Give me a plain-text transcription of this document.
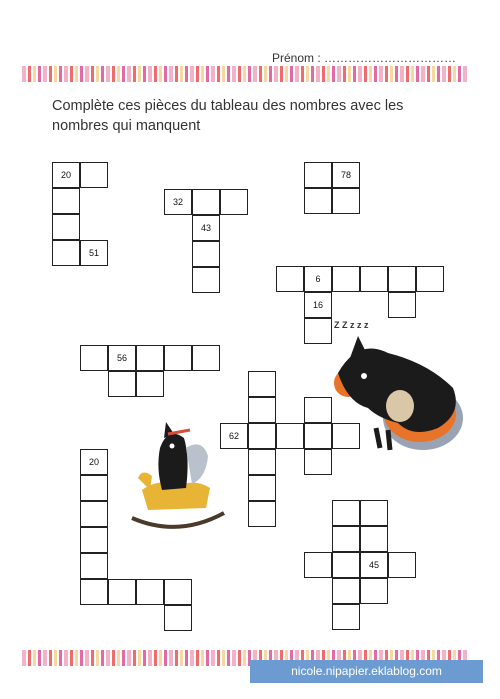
Prénom : ……………………………
Complète ces pièces du tableau des nombres avec les nombres qui manquent
20
51
32
43
78
6
16
56
62
20
45
Z Z z z z
nicole.nipapier.eklablog.com
